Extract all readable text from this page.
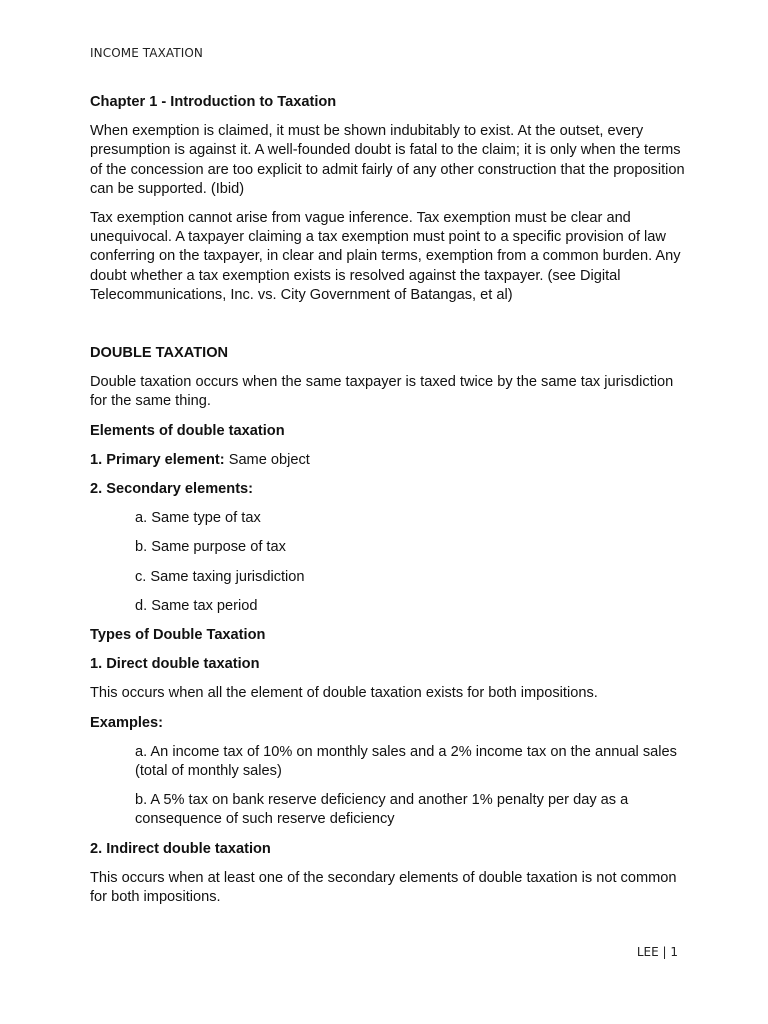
INCOME TAXATION

Chapter 1 - Introduction to Taxation

When exemption is claimed, it must be shown indubitably to exist. At the outset, every presumption is against it. A well-founded doubt is fatal to the claim; it is only when the terms of the concession are too explicit to admit fairly of any other construction that the proposition can be supported. (Ibid)

Tax exemption cannot arise from vague inference. Tax exemption must be clear and unequivocal. A taxpayer claiming a tax exemption must point to a specific provision of law conferring on the taxpayer, in clear and plain terms, exemption from a common burden. Any doubt whether a tax exemption exists is resolved against the taxpayer. (see Digital Telecommunications, Inc. vs. City Government of Batangas, et al)

DOUBLE TAXATION

Double taxation occurs when the same taxpayer is taxed twice by the same tax jurisdiction for the same thing.

Elements of double taxation

1. Primary element: Same object

2. Secondary elements:

a. Same type of tax

b. Same purpose of tax

c. Same taxing jurisdiction

d. Same tax period

Types of Double Taxation

1. Direct double taxation

This occurs when all the element of double taxation exists for both impositions.

Examples:

a. An income tax of 10% on monthly sales and a 2% income tax on the annual sales (total of monthly sales)

b. A 5% tax on bank reserve deficiency and another 1% penalty per day as a consequence of such reserve deficiency

2. Indirect double taxation

This occurs when at least one of the secondary elements of double taxation is not common for both impositions.

LEE | 1
